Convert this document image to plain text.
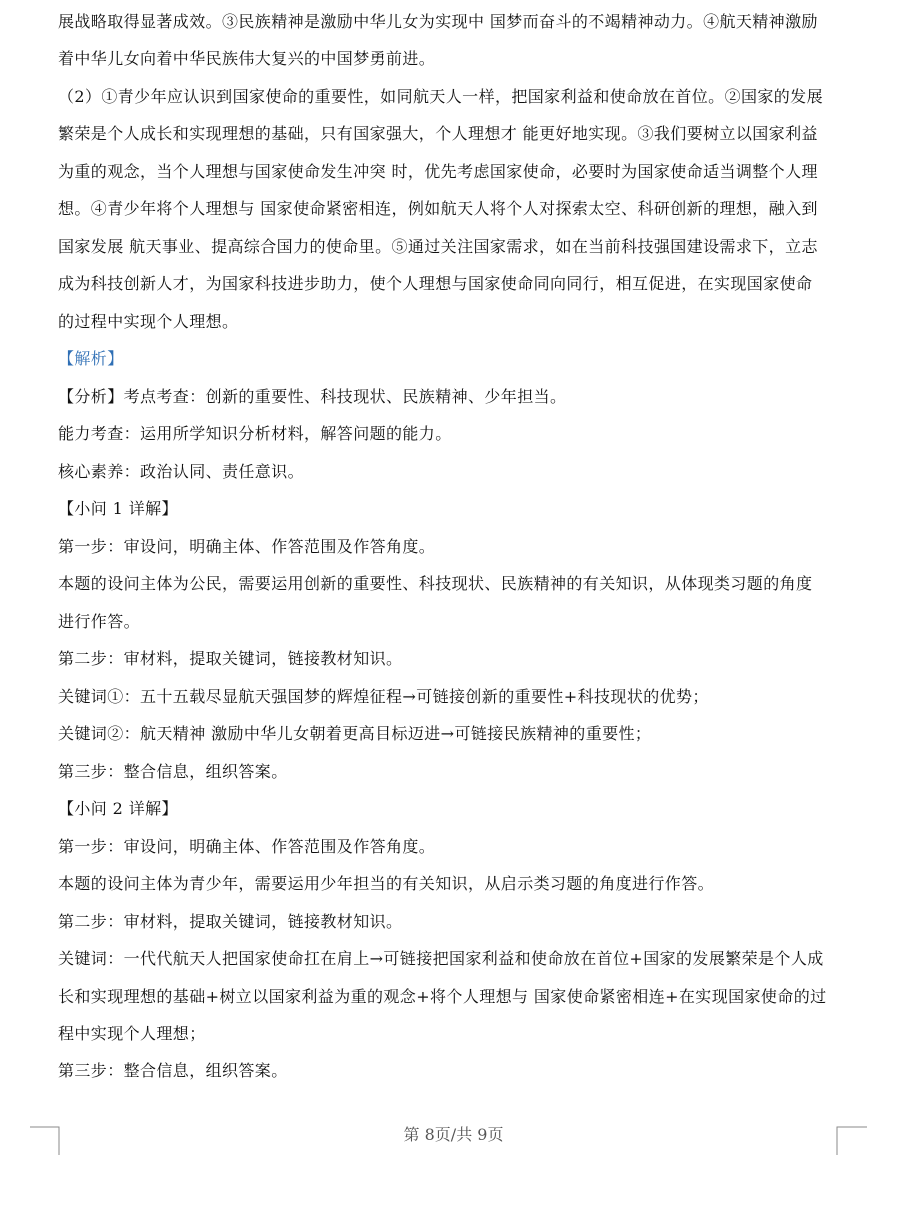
展战略取得显著成效。③民族精神是激励中华儿女为实现中 国梦而奋斗的不竭精神动力。④航天精神激励
着中华儿女向着中华民族伟大复兴的中国梦勇前进。
（2）①青少年应认识到国家使命的重要性，如同航天人一样，把国家利益和使命放在首位。②国家的发展
繁荣是个人成长和实现理想的基础，只有国家强大，个人理想才 能更好地实现。③我们要树立以国家利益
为重的观念，当个人理想与国家使命发生冲突 时，优先考虑国家使命，必要时为国家使命适当调整个人理
想。④青少年将个人理想与 国家使命紧密相连，例如航天人将个人对探索太空、科研创新的理想，融入到
国家发展 航天事业、提高综合国力的使命里。⑤通过关注国家需求，如在当前科技强国建设需求下，立志
成为科技创新人才，为国家科技进步助力，使个人理想与国家使命同向同行，相互促进，在实现国家使命
的过程中实现个人理想。
【解析】
【分析】考点考查：创新的重要性、科技现状、民族精神、少年担当。
能力考查：运用所学知识分析材料，解答问题的能力。
核心素养：政治认同、责任意识。
【小问 1 详解】
第一步：审设问，明确主体、作答范围及作答角度。
本题的设问主体为公民，需要运用创新的重要性、科技现状、民族精神的有关知识，从体现类习题的角度
进行作答。
第二步：审材料，提取关键词，链接教材知识。
关键词①：五十五载尽显航天强国梦的辉煌征程→可链接创新的重要性+科技现状的优势；
关键词②：航天精神 激励中华儿女朝着更高目标迈进→可链接民族精神的重要性；
第三步：整合信息，组织答案。
【小问 2 详解】
第一步：审设问，明确主体、作答范围及作答角度。
本题的设问主体为青少年，需要运用少年担当的有关知识，从启示类习题的角度进行作答。
第二步：审材料，提取关键词，链接教材知识。
关键词：一代代航天人把国家使命扛在肩上→可链接把国家利益和使命放在首位+国家的发展繁荣是个人成
长和实现理想的基础+树立以国家利益为重的观念+将个人理想与 国家使命紧密相连+在实现国家使命的过
程中实现个人理想；
第三步：整合信息，组织答案。
第 8页/共 9页
